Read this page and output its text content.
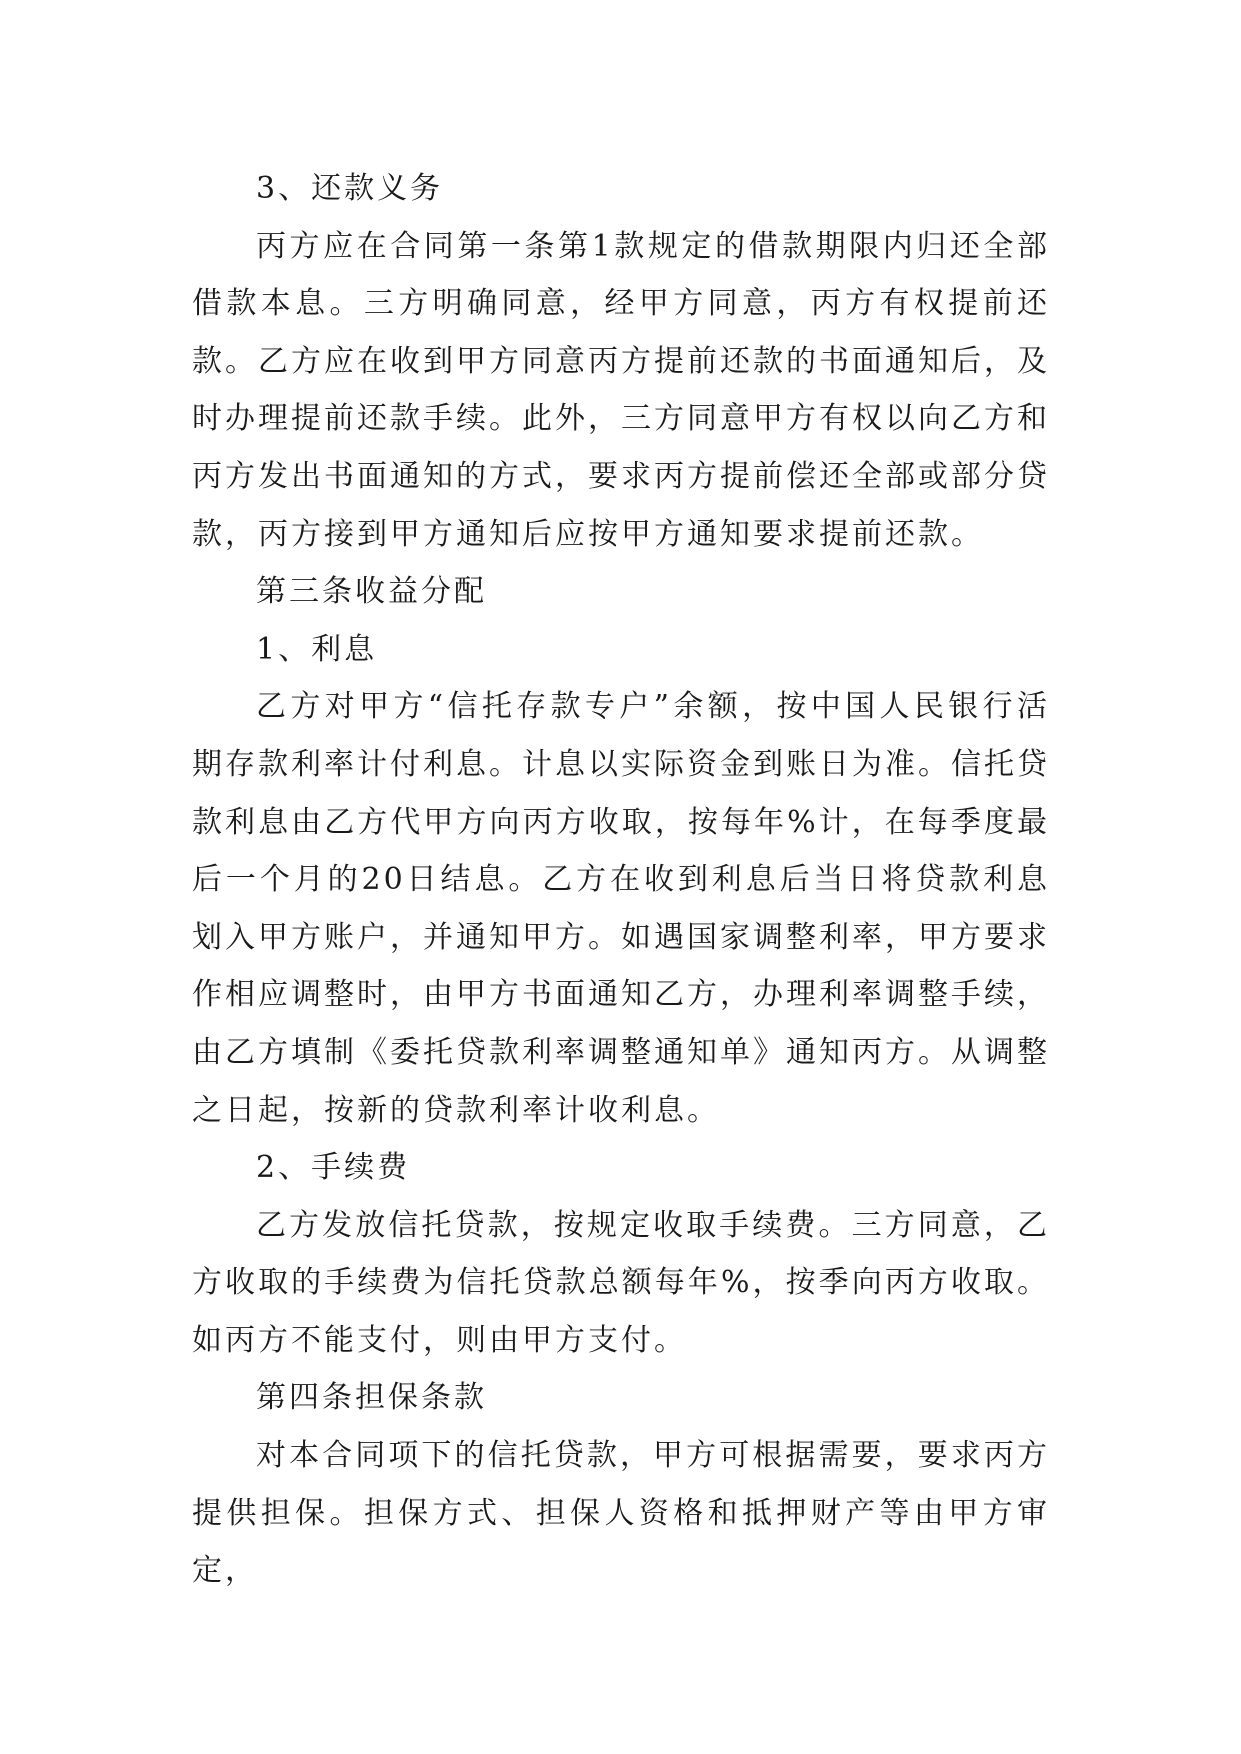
3、还款义务

丙方应在合同第一条第1款规定的借款期限内归还全部借款本息。三方明确同意，经甲方同意，丙方有权提前还款。乙方应在收到甲方同意丙方提前还款的书面通知后，及时办理提前还款手续。此外，三方同意甲方有权以向乙方和丙方发出书面通知的方式，要求丙方提前偿还全部或部分贷款，丙方接到甲方通知后应按甲方通知要求提前还款。

第三条收益分配

1、利息

乙方对甲方“信托存款专户”余额，按中国人民银行活期存款利率计付利息。计息以实际资金到账日为准。信托贷款利息由乙方代甲方向丙方收取，按每年%计，在每季度最后一个月的20日结息。乙方在收到利息后当日将贷款利息划入甲方账户，并通知甲方。如遇国家调整利率，甲方要求作相应调整时，由甲方书面通知乙方，办理利率调整手续，由乙方填制《委托贷款利率调整通知单》通知丙方。从调整之日起，按新的贷款利率计收利息。

2、手续费

乙方发放信托贷款，按规定收取手续费。三方同意，乙方收取的手续费为信托贷款总额每年%，按季向丙方收取。如丙方不能支付，则由甲方支付。

第四条担保条款

对本合同项下的信托贷款，甲方可根据需要，要求丙方提供担保。担保方式、担保人资格和抵押财产等由甲方审定，
